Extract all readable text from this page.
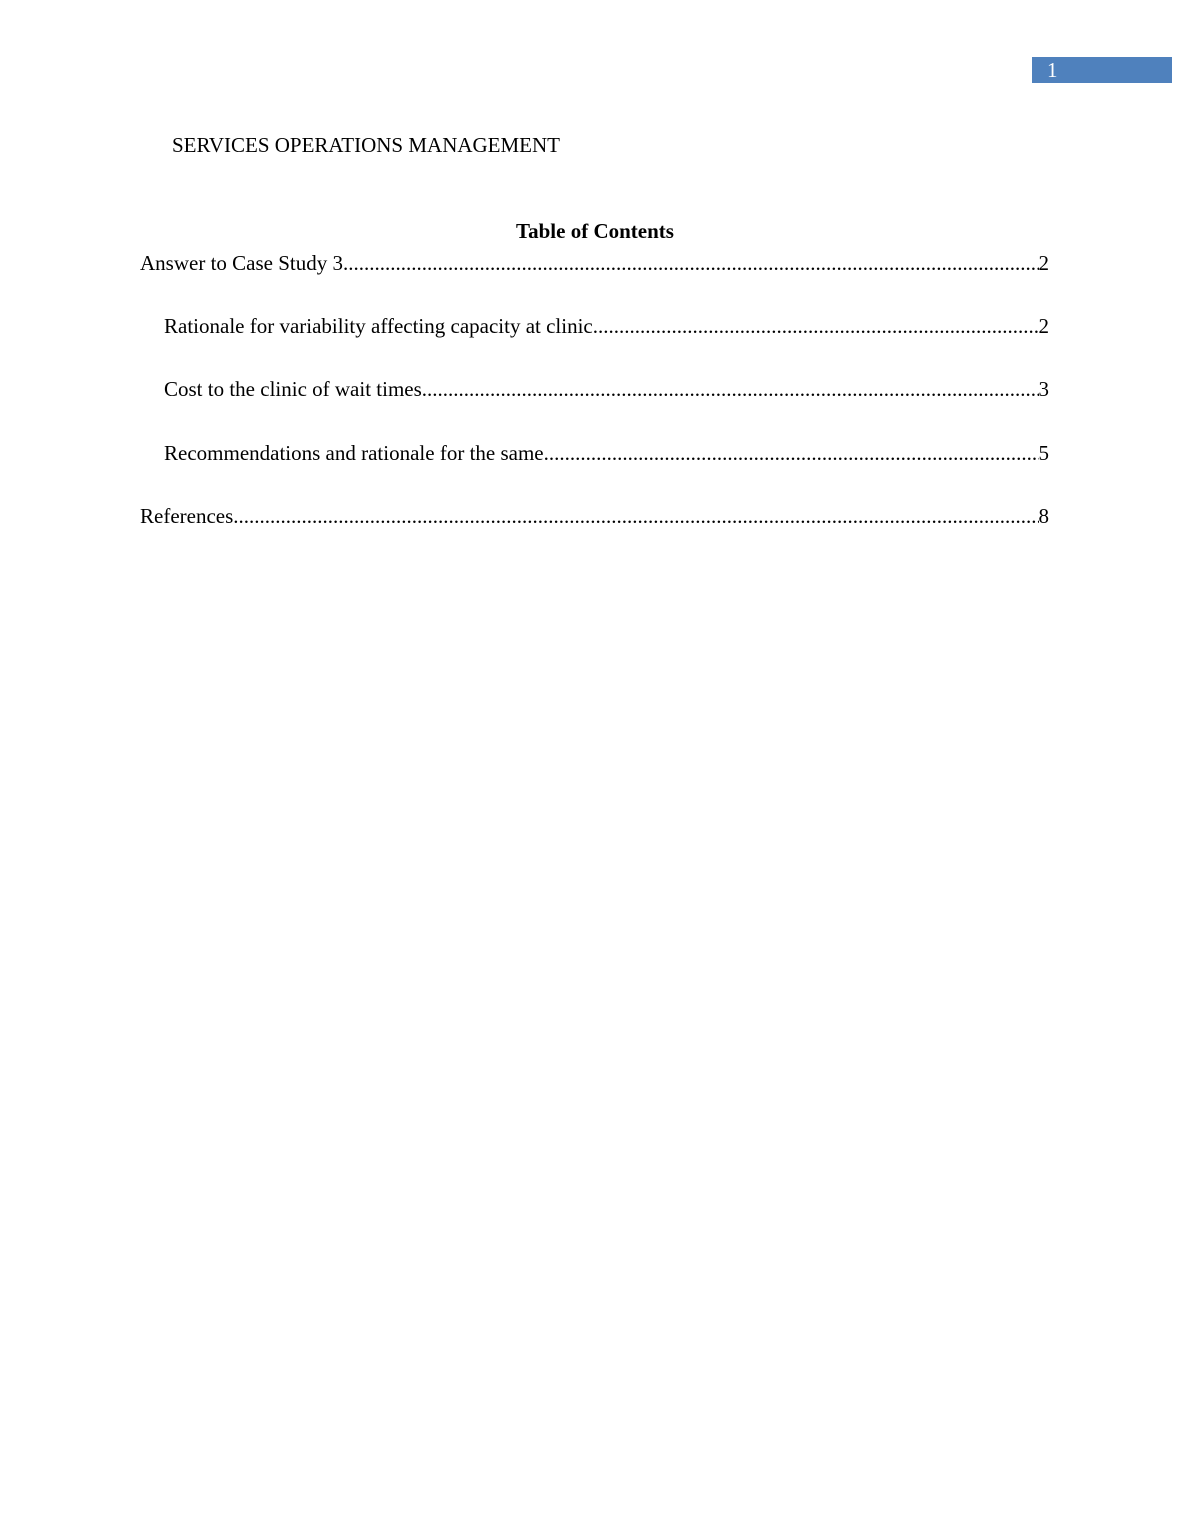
1
SERVICES OPERATIONS MANAGEMENT
Table of Contents
Answer to Case Study 3 .....	2
Rationale for variability affecting capacity at clinic .....	2
Cost to the clinic of wait times .....	3
Recommendations and rationale for the same .....	5
References .....	8
